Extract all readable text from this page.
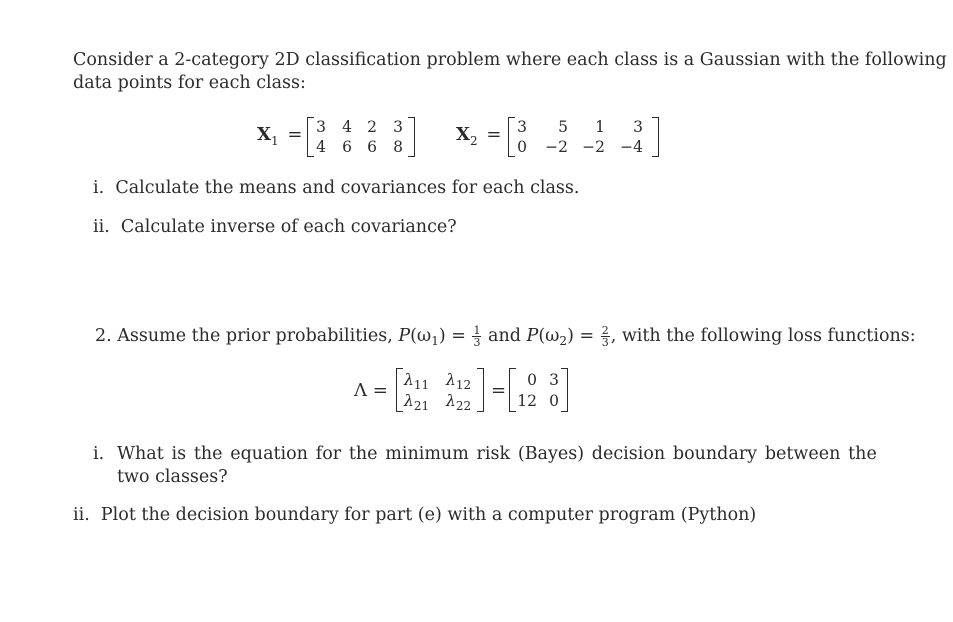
Consider a 2-category 2D classification problem where each class is a Gaussian with the following
data points for each class:
$X_1 = 3$ 4 2 3
4 6 6 8
$X_2 = 3$	5	1	3
0	−2 −2 −4
i. Calculate the means and covariances for each class.
ii. Calculate inverse of each covariance?
2. Assume the prior probabilities, $P(\omega_1) = \frac{1}{3}$ and $P(\omega_2) = \frac{2}{3}$ , with the following loss functions:
$\Lambda = \lambda_{11}$ $\lambda_{12}$
$\lambda_{21}$ $\lambda_{22}$
=	0 3
12 0
i. What is the equation for the minimum risk (Bayes) decision boundary between the
two classes?
ii. Plot the decision boundary for part (e) with a computer program (Python)
